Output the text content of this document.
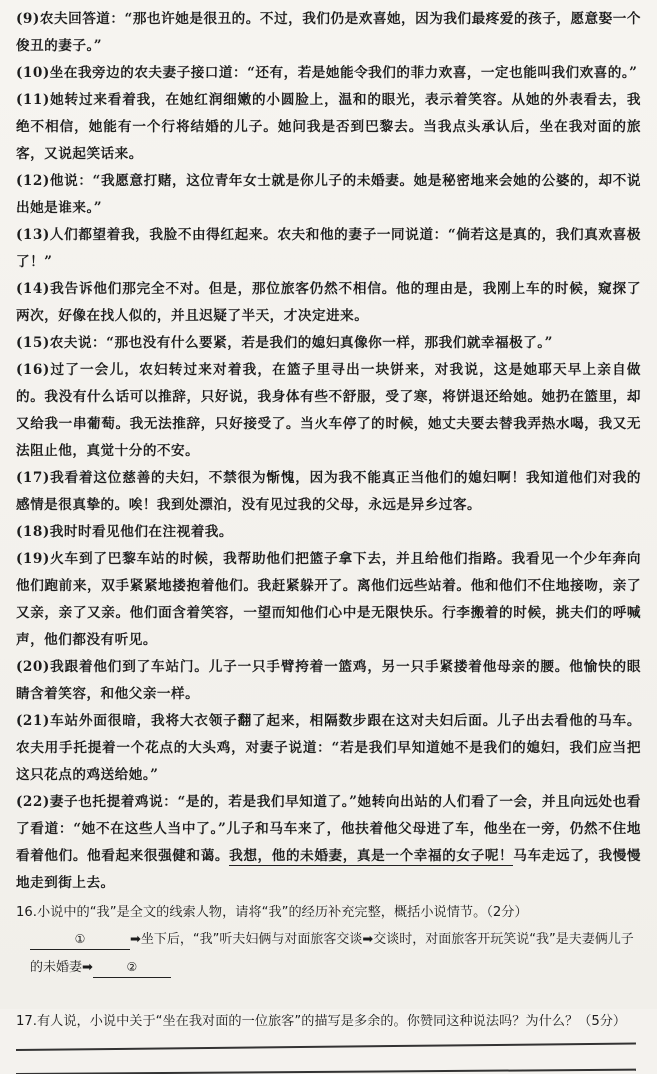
(9)农夫回答道：“那也许她是很丑的。不过，我们仍是欢喜她，因为我们最疼爱的孩子，愿意娶一个俊丑的妻子。”

(10)坐在我旁边的农夫妻子接口道：“还有，若是她能令我们的菲力欢喜，一定也能叫我们欢喜的。”

(11)她转过来看着我，在她红润细嫩的小圆脸上，温和的眼光，表示着笑容。从她的外表看去，我绝不相信，她能有一个行将结婚的儿子。她问我是否到巴黎去。当我点头承认后，坐在我对面的旅客，又说起笑话来。

(12)他说：“我愿意打赌，这位青年女士就是你儿子的未婚妻。她是秘密地来会她的公婆的，却不说出她是谁来。”

(13)人们都望着我，我脸不由得红起来。农夫和他的妻子一同说道：“倘若这是真的，我们真欢喜极了！”

(14)我告诉他们那完全不对。但是，那位旅客仍然不相信。他的理由是，我刚上车的时候，窥探了两次，好像在找人似的，并且迟疑了半天，才决定进来。

(15)农夫说：“那也没有什么要紧，若是我们的媳妇真像你一样，那我们就幸福极了。”

(16)过了一会儿，农妇转过来对着我，在篮子里寻出一块饼来，对我说，这是她耶天早上亲自做的。我没有什么话可以推辞，只好说，我身体有些不舒服，受了寒，将饼退还给她。她扔在篮里，却又给我一串葡萄。我无法推辞，只好接受了。当火车停了的时候，她丈夫要去替我弄热水喝，我又无法阻止他，真觉十分的不安。

(17)我看着这位慈善的夫妇，不禁很为惭愧，因为我不能真正当他们的媳妇啊！我知道他们对我的感情是很真挚的。唉！我到处漂泊，没有见过我的父母，永远是异乡过客。

(18)我时时看见他们在注视着我。

(19)火车到了巴黎车站的时候，我帮助他们把篮子拿下去，并且给他们指路。我看见一个少年奔向他们跑前来，双手紧紧地搂抱着他们。我赶紧躲开了。离他们远些站着。他和他们不住地接吻，亲了又亲，亲了又亲。他们面含着笑容，一望而知他们心中是无限快乐。行李搬着的时候，挑夫们的呼喊声，他们都没有听见。

(20)我跟着他们到了车站门。儿子一只手臂挎着一篮鸡，另一只手紧搂着他母亲的腰。他愉快的眼睛含着笑容，和他父亲一样。

(21)车站外面很暗，我将大衣领子翻了起来，相隔数步跟在这对夫妇后面。儿子出去看他的马车。农夫用手托提着一个花点的大头鸡，对妻子说道：“若是我们早知道她不是我们的媳妇，我们应当把这只花点的鸡送给她。”

(22)妻子也托提着鸡说：“是的，若是我们早知道了。”她转向出站的人们看了一会，并且向远处也看了看道：“她不在这些人当中了。”儿子和马车来了，他扶着他父母进了车，他坐在一旁，仍然不住地看着他们。他看起来很强健和蔼。我想，他的未婚妻，真是一个幸福的女子呢！马车走远了，我慢慢地走到街上去。

16.小说中的“我”是全文的线索人物，请将“我”的经历补充完整，概括小说情节。（2分）

①	➡坐下后，“我”听夫妇俩与对面旅客交谈➡交谈时，对面旅客开玩笑说“我”是夫妻俩儿子的未婚妻➡	②

17.有人说，小说中关于“坐在我对面的一位旅客”的描写是多余的。你赞同这种说法吗？为什么？（5分）
